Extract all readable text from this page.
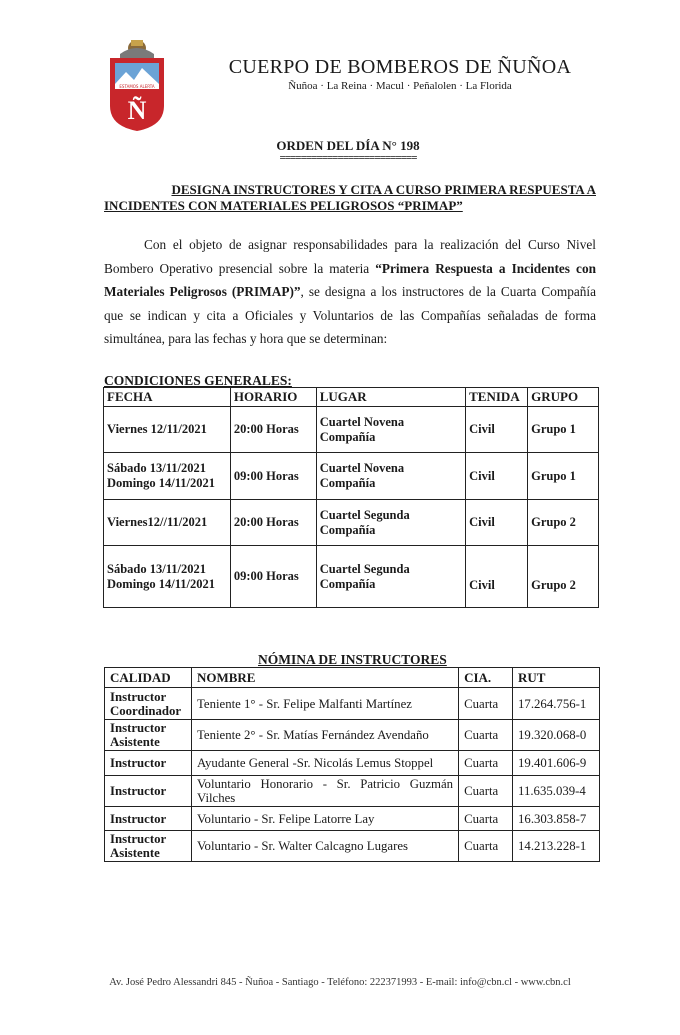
ESTAMOS ALERTA
Ñ
CUERPO DE BOMBEROS DE ÑUÑOA
Ñuñoa · La Reina · Macul · Peñalolen · La Florida
ORDEN DEL DÍA N° 198
==========================
DESIGNA INSTRUCTORES Y CITA A CURSO PRIMERA RESPUESTA A
INCIDENTES CON MATERIALES PELIGROSOS “PRIMAP”
Con el objeto de asignar responsabilidades para la realización del Curso Nivel Bombero Operativo presencial sobre la materia “Primera Respuesta a Incidentes con Materiales Peligrosos (PRIMAP)”, se designa a los instructores de la Cuarta Compañía que se indican y cita a Oficiales y Voluntarios de las Compañías señaladas de forma simultánea, para las fechas y hora que se determinan:
CONDICIONES GENERALES:
FECHA	HORARIO	LUGAR	TENIDA	GRUPO
Viernes 12/11/2021	20:00 Horas	Cuartel Novena Compañía	Civil	Grupo 1
Sábado 13/11/2021 Domingo 14/11/2021	09:00 Horas	Cuartel Novena Compañía	Civil	Grupo 1
Viernes12//11/2021	20:00 Horas	Cuartel Segunda Compañía	Civil	Grupo 2
Sábado 13/11/2021 Domingo 14/11/2021	09:00 Horas	Cuartel Segunda Compañía	Civil	Grupo 2
NÓMINA DE INSTRUCTORES
CALIDAD	NOMBRE	CIA.	RUT
Instructor Coordinador	Teniente 1° - Sr. Felipe Malfanti Martínez	Cuarta	17.264.756-1
Instructor Asistente	Teniente 2° - Sr. Matías Fernández Avendaño	Cuarta	19.320.068-0
Instructor	Ayudante General -Sr. Nicolás Lemus Stoppel	Cuarta	19.401.606-9
Instructor	Voluntario Honorario - Sr. Patricio Guzmán Vilches	Cuarta	11.635.039-4
Instructor	Voluntario - Sr. Felipe Latorre Lay	Cuarta	16.303.858-7
Instructor Asistente	Voluntario - Sr. Walter Calcagno Lugares	Cuarta	14.213.228-1
Av. José Pedro Alessandri 845 - Ñuñoa - Santiago - Teléfono: 222371993 - E-mail: info@cbn.cl - www.cbn.cl
